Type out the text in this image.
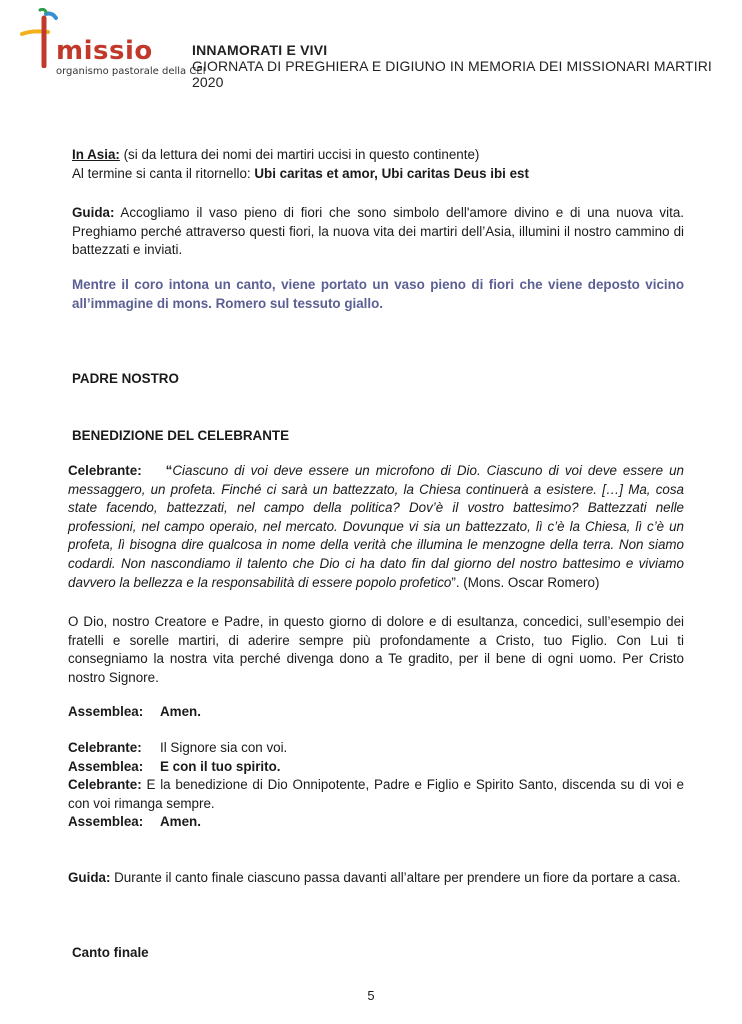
missio
organismo pastorale della CEI
INNAMORATI E VIVI
GIORNATA DI PREGHIERA E DIGIUNO IN MEMORIA DEI MISSIONARI MARTIRI 2020

In Asia: (si da lettura dei nomi dei martiri uccisi in questo continente)

Al termine si canta il ritornello: Ubi caritas et amor, Ubi caritas Deus ibi est

Guida: Accogliamo il vaso pieno di fiori che sono simbolo dell'amore divino e di una nuova vita. Preghiamo perché attraverso questi fiori, la nuova vita dei martiri dell’Asia, illumini il nostro cammino di battezzati e inviati.

Mentre il coro intona un canto, viene portato un vaso pieno di fiori che viene deposto vicino all’immagine di mons. Romero sul tessuto giallo.
PADRE NOSTRO
BENEDIZIONE DEL CELEBRANTE

Celebrante: “Ciascuno di voi deve essere un microfono di Dio. Ciascuno di voi deve essere un messaggero, un profeta. Finché ci sarà un battezzato, la Chiesa continuerà a esistere. […] Ma, cosa state facendo, battezzati, nel campo della politica? Dov’è il vostro battesimo? Battezzati nelle professioni, nel campo operaio, nel mercato. Dovunque vi sia un battezzato, lì c’è la Chiesa, lì c’è un profeta, lì bisogna dire qualcosa in nome della verità che illumina le menzogne della terra. Non siamo codardi. Non nascondiamo il talento che Dio ci ha dato fin dal giorno del nostro battesimo e viviamo davvero la bellezza e la responsabilità di essere popolo profetico”. (Mons. Oscar Romero)

O Dio, nostro Creatore e Padre, in questo giorno di dolore e di esultanza, concedici, sull’esempio dei fratelli e sorelle martiri, di aderire sempre più profondamente a Cristo, tuo Figlio. Con Lui ti consegniamo la nostra vita perché divenga dono a Te gradito, per il bene di ogni uomo. Per Cristo nostro Signore.
Assemblea:	Amen.
Celebrante:	Il Signore sia con voi.
Assemblea:	E con il tuo spirito.

Celebrante: E la benedizione di Dio Onnipotente, Padre e Figlio e Spirito Santo, discenda su di voi e con voi rimanga sempre.

Assemblea:	Amen.

Guida: Durante il canto finale ciascuno passa davanti all’altare per prendere un fiore da portare a casa.

Canto finale
5
